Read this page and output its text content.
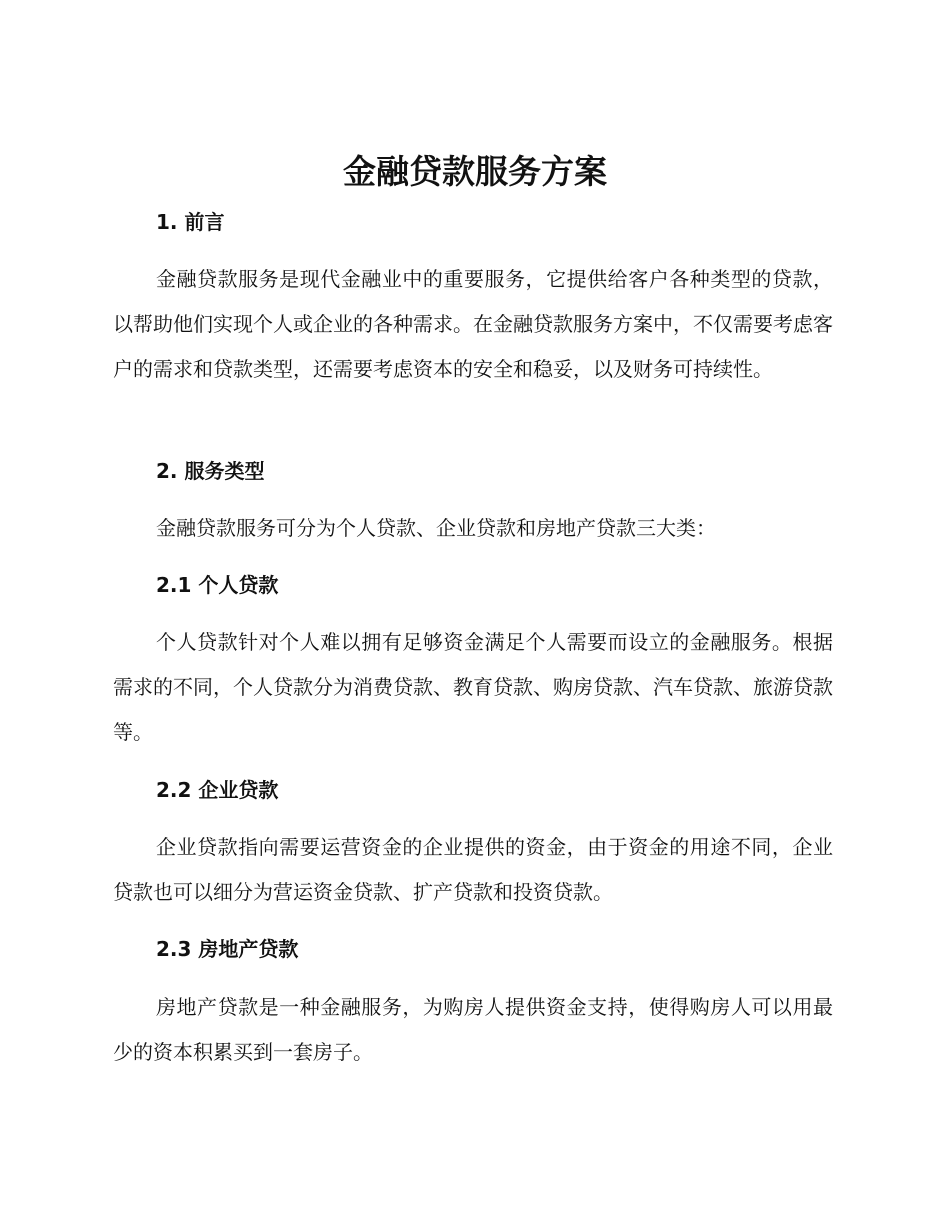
金融贷款服务方案
1. 前言

金融贷款服务是现代金融业中的重要服务，它提供给客户各种类型的贷款，以帮助他们实现个人或企业的各种需求。在金融贷款服务方案中，不仅需要考虑客户的需求和贷款类型，还需要考虑资本的安全和稳妥，以及财务可持续性。

2. 服务类型

金融贷款服务可分为个人贷款、企业贷款和房地产贷款三大类：

2.1 个人贷款

个人贷款针对个人难以拥有足够资金满足个人需要而设立的金融服务。根据需求的不同，个人贷款分为消费贷款、教育贷款、购房贷款、汽车贷款、旅游贷款等。

2.2 企业贷款

企业贷款指向需要运营资金的企业提供的资金，由于资金的用途不同，企业贷款也可以细分为营运资金贷款、扩产贷款和投资贷款。

2.3 房地产贷款

房地产贷款是一种金融服务，为购房人提供资金支持，使得购房人可以用最少的资本积累买到一套房子。
